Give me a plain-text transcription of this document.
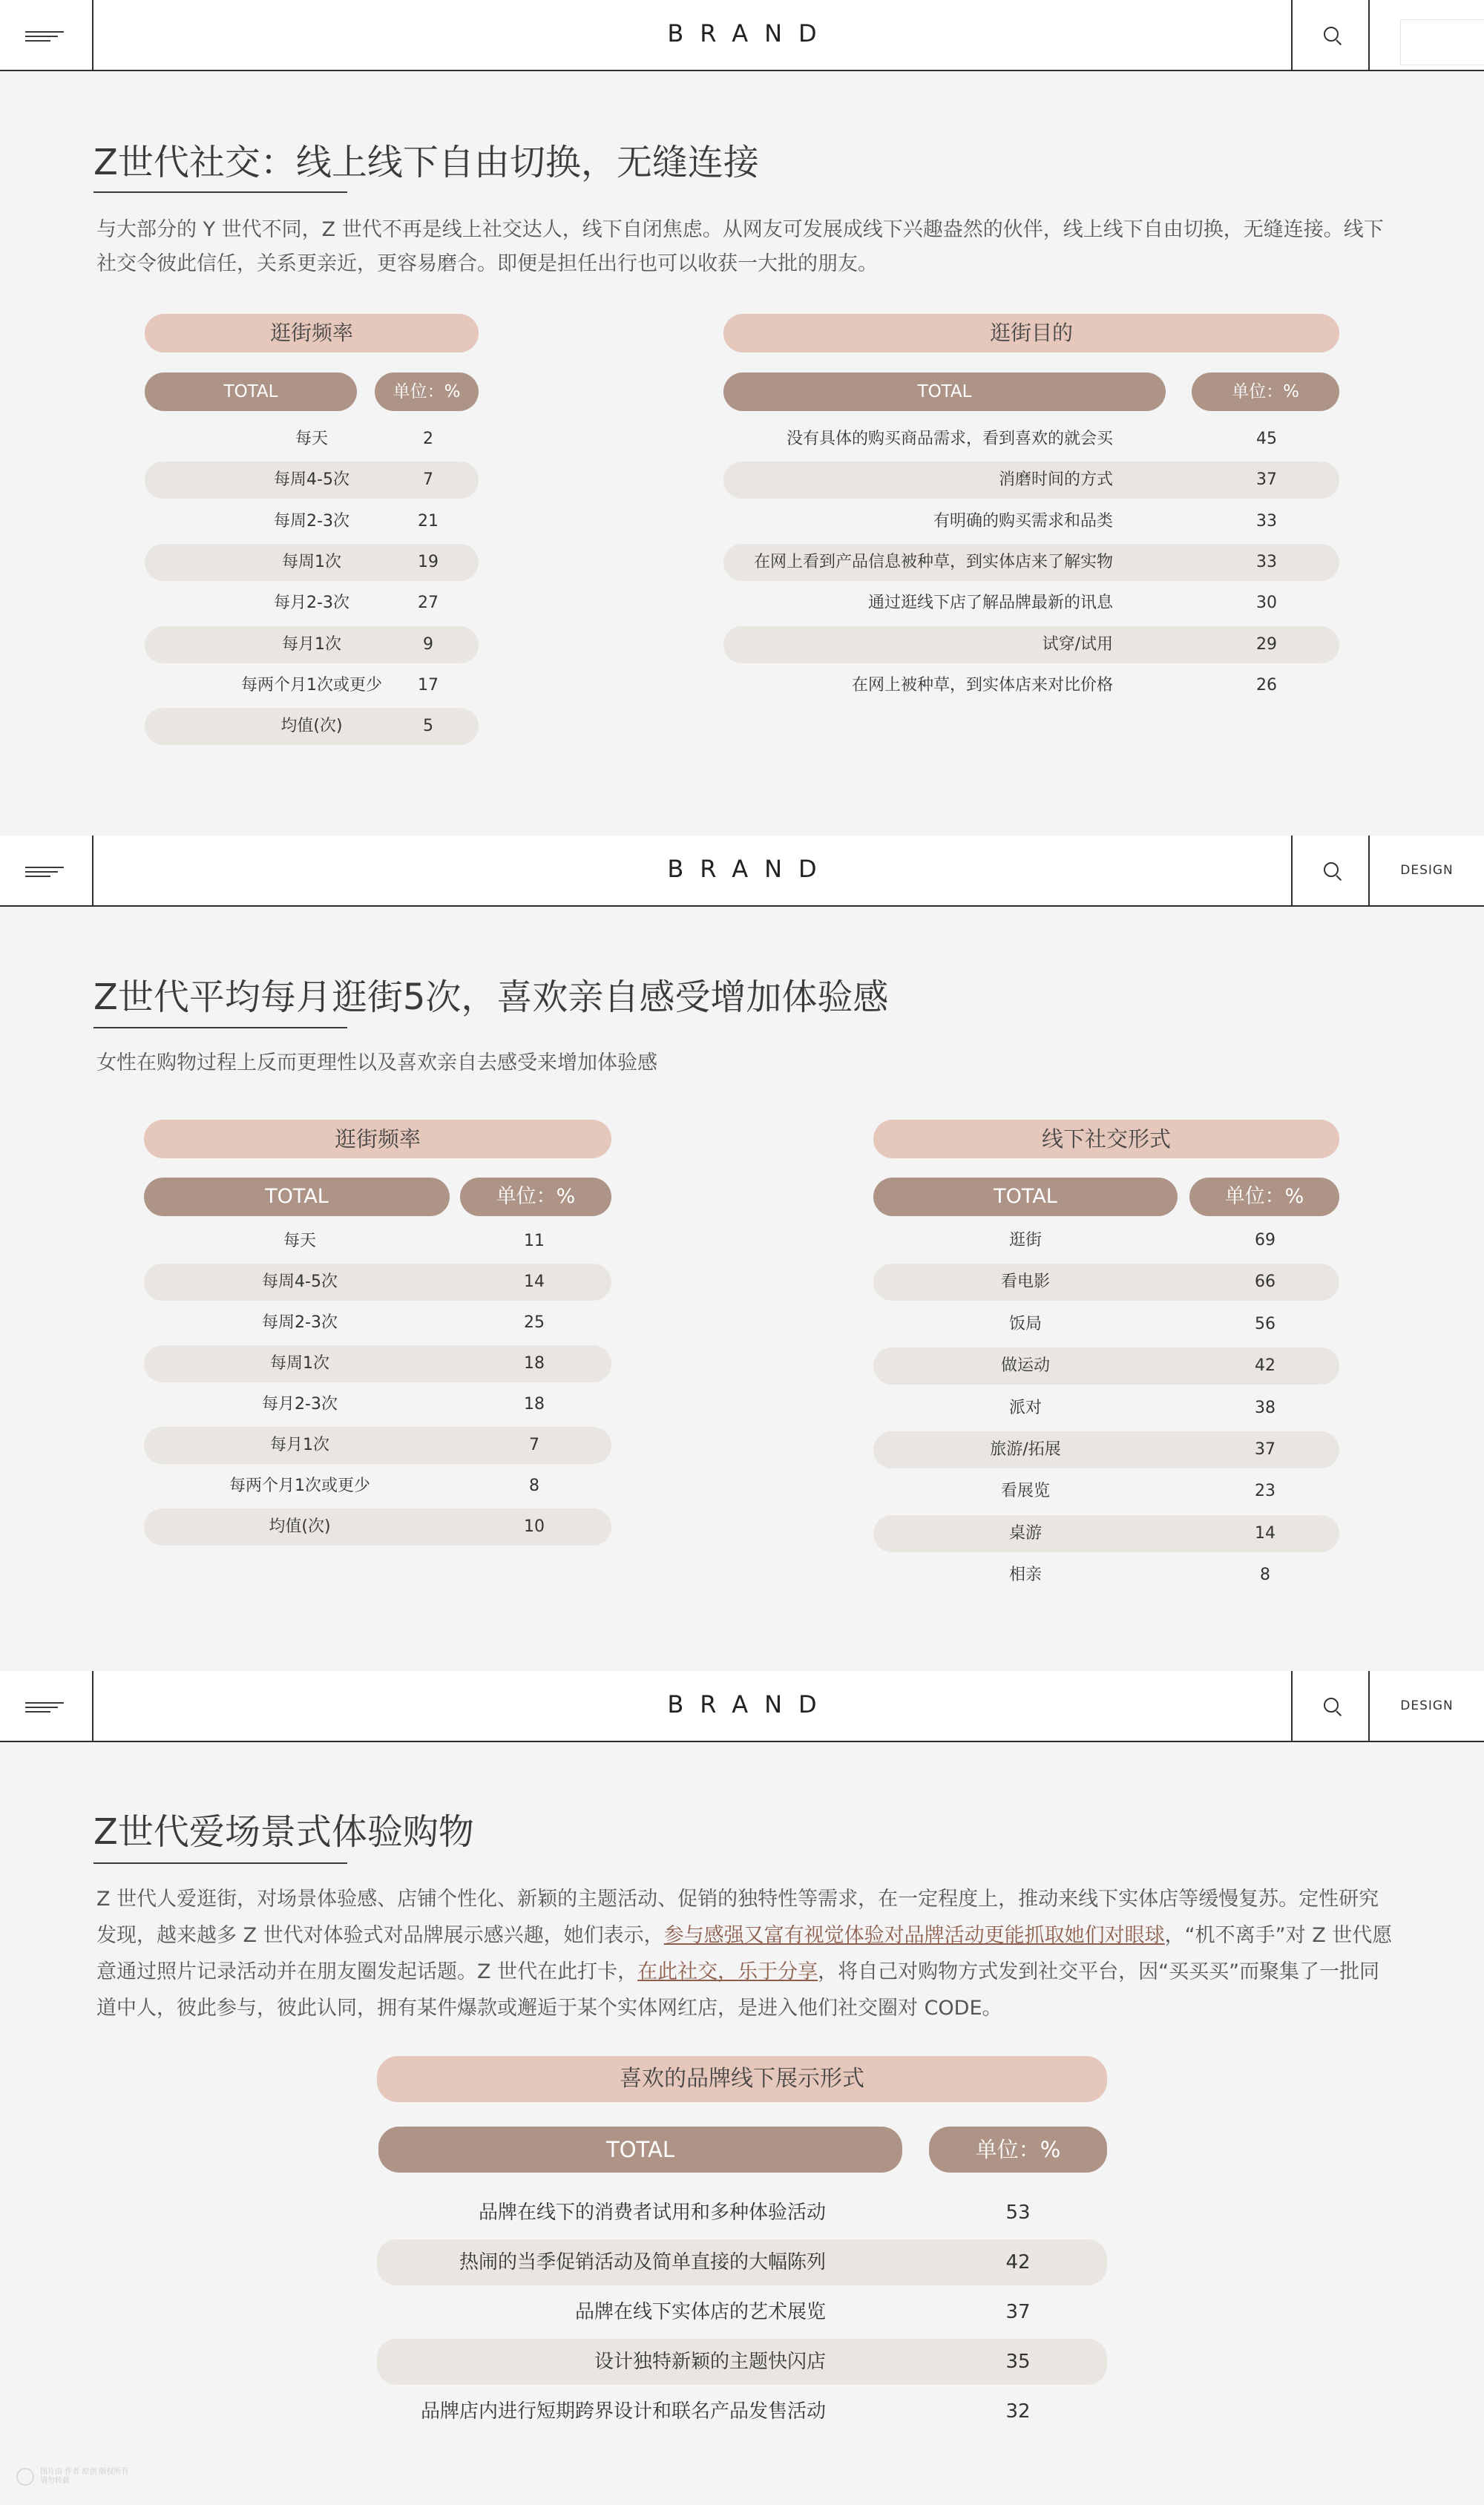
BRAND
Z世代社交：线上线下自由切换，无缝连接

与大部分的 Y 世代不同，Z 世代不再是线上社交达人，线下自闭焦虑。从网友可发展成线下兴趣盎然的伙伴，线上线下自由切换，无缝连接。线下社交令彼此信任，关系更亲近，更容易磨合。即便是担任出行也可以收获一大批的朋友。

逛街频率
TOTAL	单位：%
每天	2
每周4-5次	7
每周2-3次	21
每周1次	19
每月2-3次	27
每月1次	9
每两个月1次或更少	17
均值(次)	5
逛街目的
TOTAL	单位：%
没有具体的购买商品需求，看到喜欢的就会买	45
消磨时间的方式	37
有明确的购买需求和品类	33
在网上看到产品信息被种草，到实体店来了解实物	33
通过逛线下店了解品牌最新的讯息	30
试穿/试用	29
在网上被种草，到实体店来对比价格	26
BRAND	DESIGN
Z世代平均每月逛街5次，喜欢亲自感受增加体验感

女性在购物过程上反而更理性以及喜欢亲自去感受来增加体验感

逛街频率
TOTAL	单位：%
每天	11
每周4-5次	14
每周2-3次	25
每周1次	18
每月2-3次	18
每月1次	7
每两个月1次或更少	8
均值(次)	10
线下社交形式
TOTAL	单位：%
逛街	69
看电影	66
饭局	56
做运动	42
派对	38
旅游/拓展	37
看展览	23
桌游	14
相亲	8
BRAND	DESIGN
Z世代爱场景式体验购物

Z 世代人爱逛街，对场景体验感、店铺个性化、新颖的主题活动、促销的独特性等需求，在一定程度上，推动来线下实体店等缓慢复苏。定性研究发现，越来越多 Z 世代对体验式对品牌展示感兴趣，她们表示，参与感强又富有视觉体验对品牌活动更能抓取她们对眼球，“机不离手”对 Z 世代愿意通过照片记录活动并在朋友圈发起话题。Z 世代在此打卡，在此社交，乐于分享，将自己对购物方式发到社交平台，因“买买买”而聚集了一批同道中人，彼此参与，彼此认同，拥有某件爆款或邂逅于某个实体网红店，是进入他们社交圈对 CODE。

喜欢的品牌线下展示形式
TOTAL	单位：%
品牌在线下的消费者试用和多种体验活动	53
热闹的当季促销活动及简单直接的大幅陈列	42
品牌在线下实体店的艺术展览	37
设计独特新颖的主题快闪店	35
品牌店内进行短期跨界设计和联名产品发售活动	32
图片由 作者 原创 版权所有
请勿转载
